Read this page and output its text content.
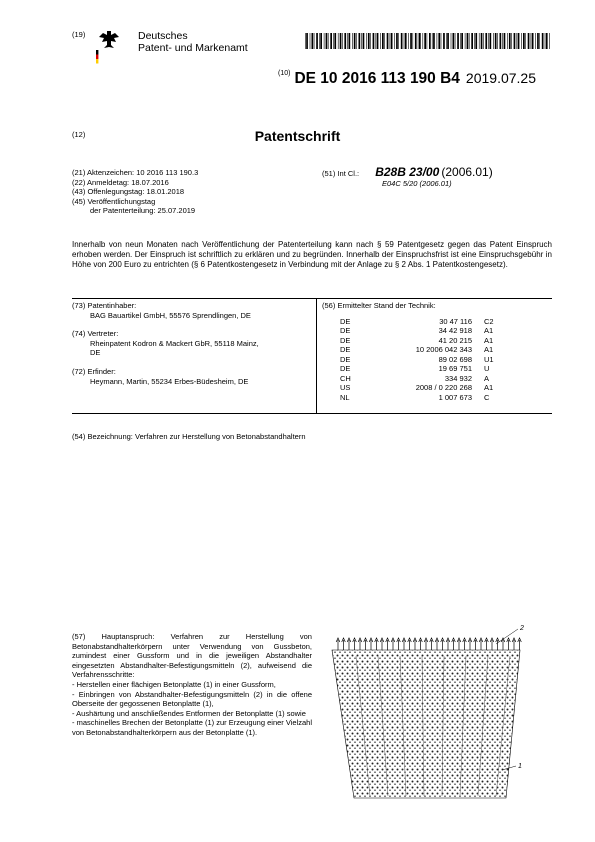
(19)	Deutsches
Patent- und Markenamt
$^{(10)}$ DE 10 2016 113 190 B4 2019.07.25
(12)	Patentschrift
(21) Aktenzeichen: 10 2016 113 190.3
(22) Anmeldetag: 18.07.2016
(43) Offenlegungstag: 18.01.2018
(45) Veröffentlichungstag
der Patenterteilung: 25.07.2019
(51) Int Cl.: B28B 23/00 (2006.01)
E04C 5/20 (2006.01)
Innerhalb von neun Monaten nach Veröffentlichung der Patenterteilung kann nach § 59 Patentgesetz gegen das Patent Einspruch erhoben werden. Der Einspruch ist schriftlich zu erklären und zu begründen. Innerhalb der Einspruchsfrist ist eine Einspruchsgebühr in Höhe von 200 Euro zu entrichten (§ 6 Patentkostengesetz in Verbindung mit der Anlage zu § 2 Abs. 1 Patentkostengesetz).
(73) Patentinhaber:
BAG Bauartikel GmbH, 55576 Sprendlingen, DE
(74) Vertreter:
Rheinpatent Kodron & Mackert GbR, 55118 Mainz,
DE
(72) Erfinder:
Heymann, Martin, 55234 Erbes-Büdesheim, DE
(56) Ermittelter Stand der Technik:
DE	30 47 116	C2
DE	34 42 918	A1
DE	41 20 215	A1
DE	10 2006 042 343	A1
DE	89 02 698	U1
DE	19 69 751	U
CH	334 932	A
US	2008 / 0 220 268	A1
NL	1 007 673	C
(54) Bezeichnung: Verfahren zur Herstellung von Betonabstandhaltern
(57) Hauptanspruch: Verfahren zur Herstellung von Betonabstandhalterkörpern unter Verwendung von Gussbeton, zumindest einer Gussform und in die jeweiligen Abstandhalter eingesetzten Abstandhalter-Befestigungsmitteln (2), aufweisend die Verfahrensschritte:
- Herstellen einer flächigen Betonplatte (1) in einer Gussform,
- Einbringen von Abstandhalter-Befestigungsmitteln (2) in die offene Oberseite der gegossenen Betonplatte (1),
- Aushärtung und anschließendes Entformen der Betonplatte (1) sowie
- maschinelles Brechen der Betonplatte (1) zur Erzeugung einer Vielzahl von Betonabstandhalterkörpern aus der Betonplatte (1).
2
1
